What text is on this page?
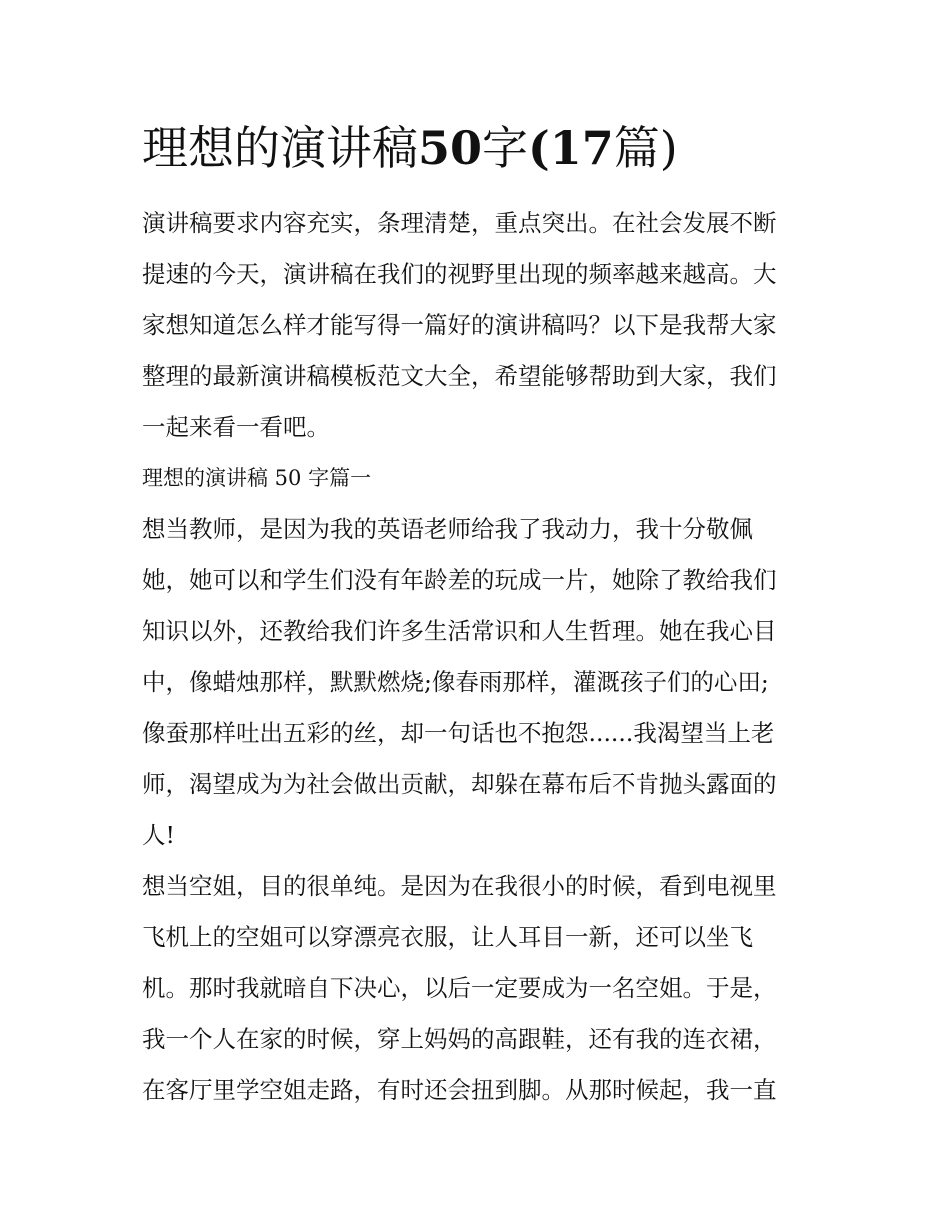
理想的演讲稿50字(17篇)

演讲稿要求内容充实，条理清楚，重点突出。在社会发展不断
提速的今天，演讲稿在我们的视野里出现的频率越来越高。大
家想知道怎么样才能写得一篇好的演讲稿吗？以下是我帮大家
整理的最新演讲稿模板范文大全，希望能够帮助到大家，我们
一起来看一看吧。

理想的演讲稿 50 字篇一

想当教师，是因为我的英语老师给我了我动力，我十分敬佩
她，她可以和学生们没有年龄差的玩成一片，她除了教给我们
知识以外，还教给我们许多生活常识和人生哲理。她在我心目
中，像蜡烛那样，默默燃烧;像春雨那样，灌溉孩子们的心田;
像蚕那样吐出五彩的丝，却一句话也不抱怨......我渴望当上老
师，渴望成为为社会做出贡献，却躲在幕布后不肯抛头露面的
人!

想当空姐，目的很单纯。是因为在我很小的时候，看到电视里
飞机上的空姐可以穿漂亮衣服，让人耳目一新，还可以坐飞
机。那时我就暗自下决心，以后一定要成为一名空姐。于是，
我一个人在家的时候，穿上妈妈的高跟鞋，还有我的连衣裙，
在客厅里学空姐走路，有时还会扭到脚。从那时候起，我一直
